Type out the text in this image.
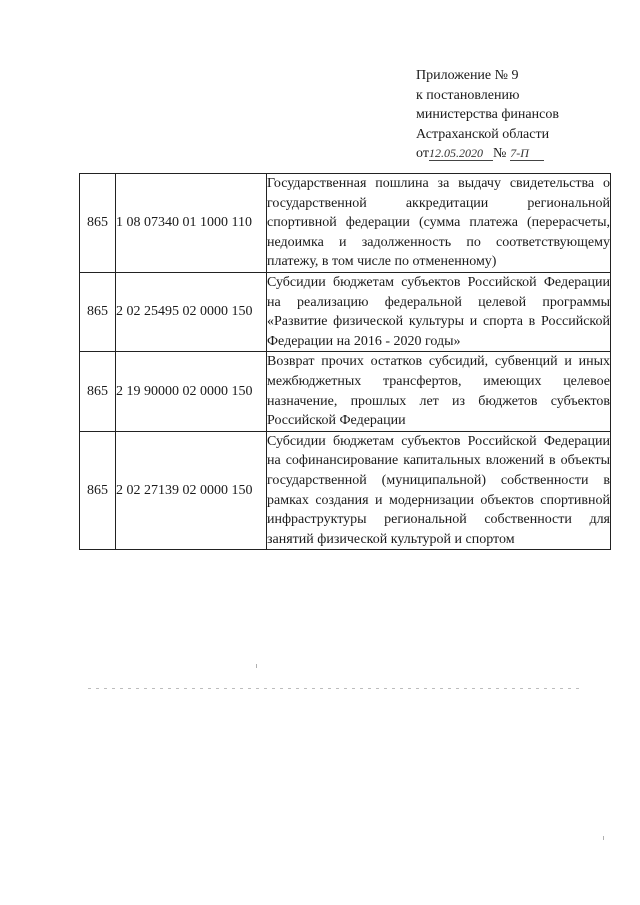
Приложение № 9
к постановлению
министерства финансов
Астраханской области
от12.05.2020 № 7-П
865	1 08 07340 01 1000 110	Государственная пошлина за выдачу свидетельства о государственной аккредитации региональной спортивной федерации (сумма платежа (перерасчеты, недоимка и задолженность по соответствующему платежу, в том числе по отмененному)
865	2 02 25495 02 0000 150	Субсидии бюджетам субъектов Российской Федерации на реализацию федеральной целевой программы «Развитие физической культуры и спорта в Российской Федерации на 2016 - 2020 годы»
865	2 19 90000 02 0000 150	Возврат прочих остатков субсидий, субвенций и иных межбюджетных трансфертов, имеющих целевое назначение, прошлых лет из бюджетов субъектов Российской Федерации
865	2 02 27139 02 0000 150	Субсидии бюджетам субъектов Российской Федерации на софинансирование капитальных вложений в объекты государственной (муниципальной) собственности в рамках создания и модернизации объектов спортивной инфраструктуры региональной собственности для занятий физической культурой и спортом
